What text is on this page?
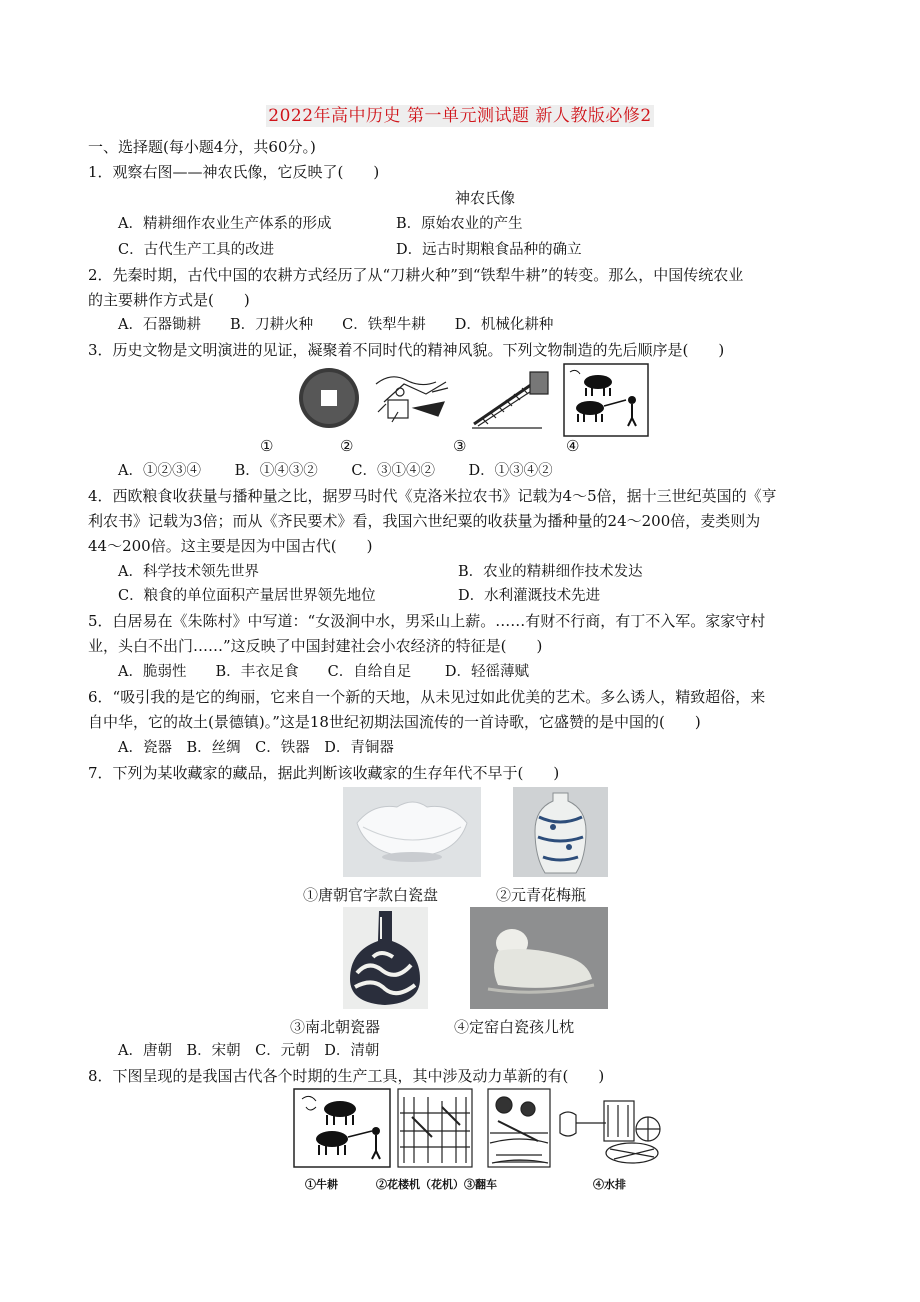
2022年高中历史 第一单元测试题 新人教版必修2
一、选择题(每小题4分，共60分。)
1．观察右图——神农氏像，它反映了(　　)
神农氏像
A．精耕细作农业生产体系的形成	B．原始农业的产生
C．古代生产工具的改进	D．远古时期粮食品种的确立
2．先秦时期，古代中国的农耕方式经历了从“刀耕火种”到“铁犁牛耕”的转变。那么，中国传统农业
的主要耕作方式是(　　)
A．石器锄耕　　B．刀耕火种　　C．铁犁牛耕　　D．机械化耕种
3．历史文物是文明演进的见证，凝聚着不同时代的精神风貌。下列文物制造的先后顺序是(　　)
①	②	③	④
A．①②③④　　 B．①④③②　　 C．③①④②　　 D．①③④②
4．西欧粮食收获量与播种量之比，据罗马时代《克洛米拉农书》记载为4～5倍，据十三世纪英国的《亨
利农书》记载为3倍；而从《齐民要术》看，我国六世纪粟的收获量为播种量的24～200倍，麦类则为
44～200倍。这主要是因为中国古代(　　)
A．科学技术领先世界	B．农业的精耕细作技术发达
C．粮食的单位面积产量居世界领先地位	D．水利灌溉技术先进
5．白居易在《朱陈村》中写道：“女汲涧中水，男采山上薪。……有财不行商，有丁不入军。家家守村
业，头白不出门……”这反映了中国封建社会小农经济的特征是(　　)
A．脆弱性　　B．丰衣足食　　C．自给自足　　 D．轻徭薄赋
6．“吸引我的是它的绚丽，它来自一个新的天地，从未见过如此优美的艺术。多么诱人，精致超俗，来
自中华，它的故土(景德镇)。”这是18世纪初期法国流传的一首诗歌，它盛赞的是中国的(　　)
A．瓷器　B．丝绸　C．铁器　D．青铜器
7．下列为某收藏家的藏品，据此判断该收藏家的生存年代不早于(　　)
①唐朝官字款白瓷盘	②元青花梅瓶
③南北朝瓷器	④定窑白瓷孩儿枕
A．唐朝　B．宋朝　C．元朝　D．清朝
8．下图呈现的是我国古代各个时期的生产工具，其中涉及动力革新的有(　　)
①牛耕	②花楼机（花机）③翻车	④水排
